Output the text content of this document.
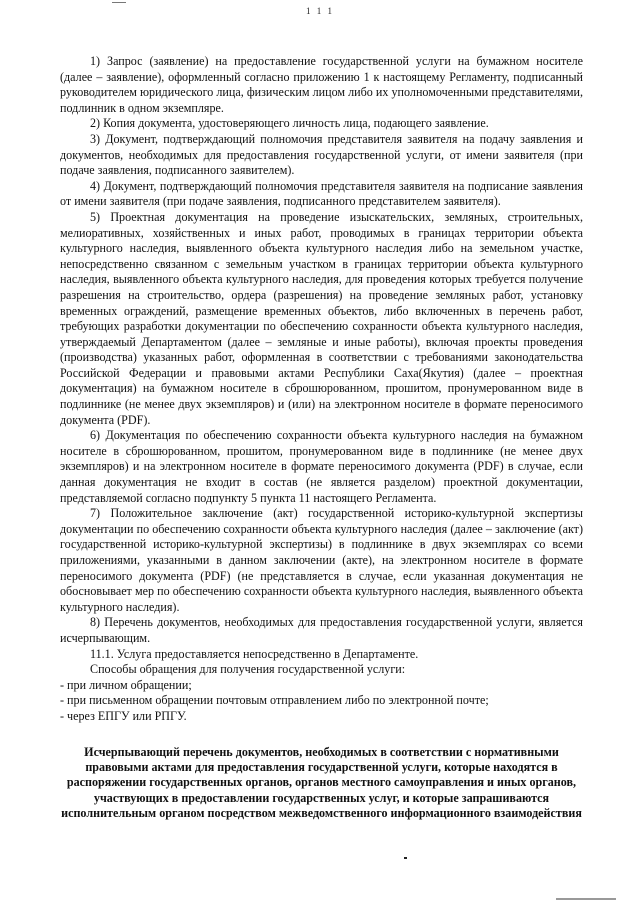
1 1 1

1) Запрос (заявление) на предоставление государственной услуги на бумажном носителе (далее – заявление), оформленный согласно приложению 1 к настоящему Регламенту, подписанный руководителем юридического лица, физическим лицом либо их уполномоченными представителями, подлинник в одном экземпляре.

2) Копия документа, удостоверяющего личность лица, подающего заявление.

3) Документ, подтверждающий полномочия представителя заявителя на подачу заявления и документов, необходимых для предоставления государственной услуги, от имени заявителя (при подаче заявления, подписанного заявителем).

4) Документ, подтверждающий полномочия представителя заявителя на подписание заявления от имени заявителя (при подаче заявления, подписанного представителем заявителя).

5) Проектная документация на проведение изыскательских, земляных, строительных, мелиоративных, хозяйственных и иных работ, проводимых в границах территории объекта культурного наследия, выявленного объекта культурного наследия либо на земельном участке, непосредственно связанном с земельным участком в границах территории объекта культурного наследия, выявленного объекта культурного наследия, для проведения которых требуется получение разрешения на строительство, ордера (разрешения) на проведение земляных работ, установку временных ограждений, размещение временных объектов, либо включенных в перечень работ, требующих разработки документации по обеспечению сохранности объекта культурного наследия, утверждаемый Департаментом (далее – земляные и иные работы), включая проекты проведения (производства) указанных работ, оформленная в соответствии с требованиями законодательства Российской Федерации и правовыми актами Республики Саха(Якутия) (далее – проектная документация) на бумажном носителе в сброшюрованном, прошитом, пронумерованном виде в подлиннике (не менее двух экземпляров) и (или) на электронном носителе в формате переносимого документа (PDF).

6) Документация по обеспечению сохранности объекта культурного наследия на бумажном носителе в сброшюрованном, прошитом, пронумерованном виде в подлиннике (не менее двух экземпляров) и на электронном носителе в формате переносимого документа (PDF) в случае, если данная документация не входит в состав (не является разделом) проектной документации, представляемой согласно подпункту 5 пункта 11 настоящего Регламента.

7) Положительное заключение (акт) государственной историко-культурной экспертизы документации по обеспечению сохранности объекта культурного наследия (далее – заключение (акт) государственной историко-культурной экспертизы) в подлиннике в двух экземплярах со всеми приложениями, указанными в данном заключении (акте), на электронном носителе в формате переносимого документа (PDF) (не представляется в случае, если указанная документация не обосновывает мер по обеспечению сохранности объекта культурного наследия, выявленного объекта культурного наследия).

8) Перечень документов, необходимых для предоставления государственной услуги, является исчерпывающим.

11.1. Услуга предоставляется непосредственно в Департаменте.

Способы обращения для получения государственной услуги:

- при личном обращении;

- при письменном обращении почтовым отправлением либо по электронной почте;

- через ЕПГУ или РПГУ.

Исчерпывающий перечень документов, необходимых в соответствии с нормативными правовыми актами для предоставления государственной услуги, которые находятся в распоряжении государственных органов, органов местного самоуправления и иных органов, участвующих в предоставлении государственных услуг, и которые запрашиваются исполнительным органом посредством межведомственного информационного взаимодействия
